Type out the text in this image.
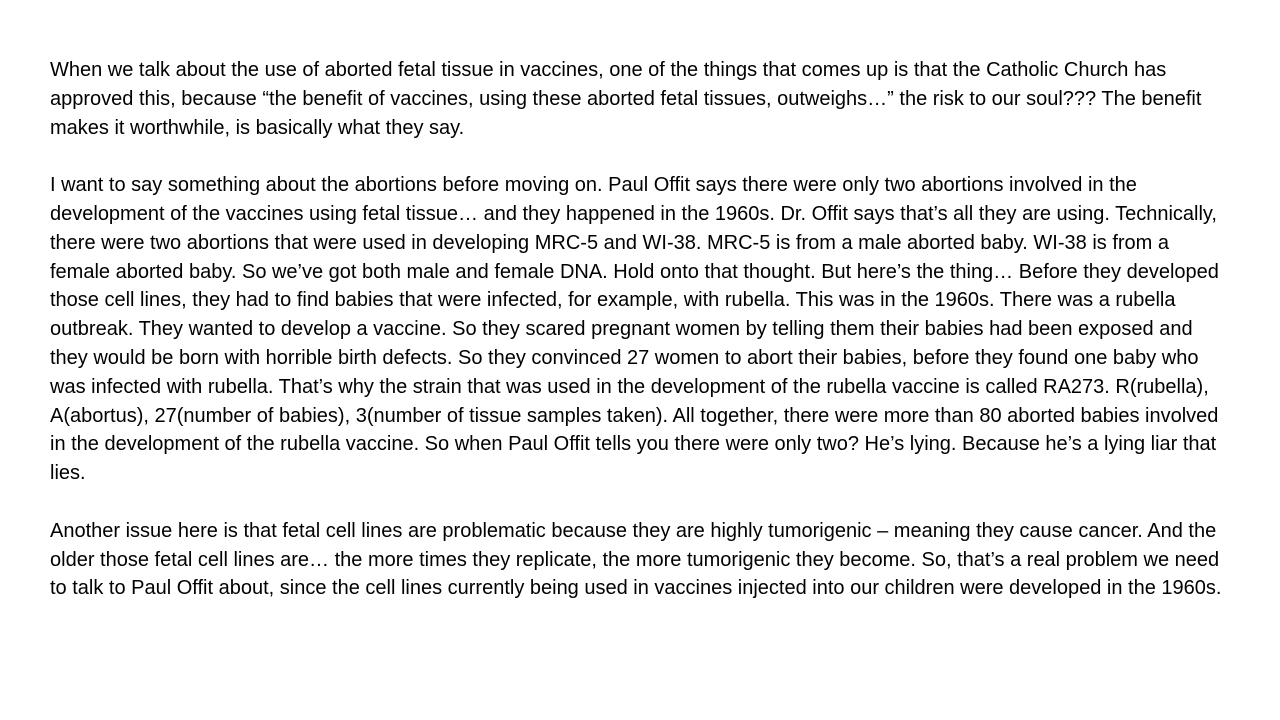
When we talk about the use of aborted fetal tissue in vaccines, one of the things that comes up is that the Catholic Church has approved this, because “the benefit of vaccines, using these aborted fetal tissues, outweighs…” the risk to our soul??? The benefit makes it worthwhile, is basically what they say.

I want to say something about the abortions before moving on. Paul Offit says there were only two abortions involved in the development of the vaccines using fetal tissue… and they happened in the 1960s. Dr. Offit says that’s all they are using. Technically, there were two abortions that were used in developing MRC-5 and WI-38. MRC-5 is from a male aborted baby. WI-38 is from a female aborted baby. So we’ve got both male and female DNA. Hold onto that thought. But here’s the thing… Before they developed those cell lines, they had to find babies that were infected, for example, with rubella. This was in the 1960s. There was a rubella outbreak. They wanted to develop a vaccine. So they scared pregnant women by telling them their babies had been exposed and they would be born with horrible birth defects. So they convinced 27 women to abort their babies, before they found one baby who was infected with rubella. That’s why the strain that was used in the development of the rubella vaccine is called RA273. R(rubella), A(abortus), 27(number of babies), 3(number of tissue samples taken). All together, there were more than 80 aborted babies involved in the development of the rubella vaccine. So when Paul Offit tells you there were only two? He’s lying. Because he’s a lying liar that lies.

Another issue here is that fetal cell lines are problematic because they are highly tumorigenic – meaning they cause cancer. And the older those fetal cell lines are… the more times they replicate, the more tumorigenic they become. So, that’s a real problem we need to talk to Paul Offit about, since the cell lines currently being used in vaccines injected into our children were developed in the 1960s.
